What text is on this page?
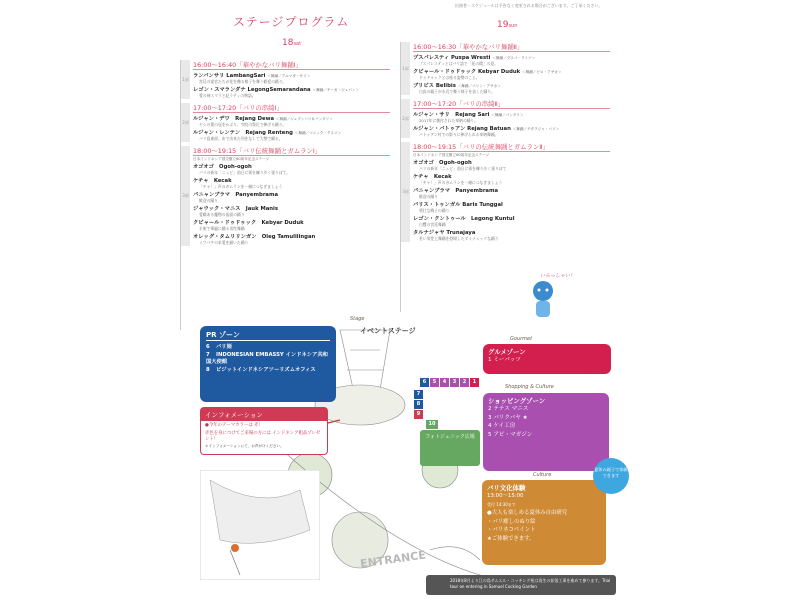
出演者・スケジュールは予告なく変更される場合がございます。ご了承ください。
ステージプログラム
18sat
19sun
1部
16:00～16:40「華やかなバリ舞踊Ⅰ」
ランバンサリ LambangSari ＜舞踊／アルマタ・サリ＞
宮廷の宴官たちが花を撒る様子を舞う歓迎の踊り。
レゴン・スマランダナ LegongSemarandana ＜舞踊／チーガ・ジュパン＞
愛の神スマラと妃ラティの物語。
2部
17:00～17:20「バリの串綺Ⅰ」
ルジャン・デワ　Rejang Dewa ＜舞踊／ジュプンバリ＆バンダリ＞
ヤシの葉の冠をかぶり、寺院の祭礼で捧げる踊り。
ルジャン・レンテン　Rejang Renteng ＜舞踊／マニック・クスマ＞
バリ島東部、布で出来た列をなして大勢で踊る。
3部
18:00～19:15「バリ伝統舞踊とガムランⅠ」
日本インドネシア国交樹立60周年記念ステージ
オゴオゴ　Ogoh-ogoh
バリの新年「ニュピ」前日に街を練り歩く張りぼて。
ケチャ　Kecak
「チャ！」声のガムランを一緒につなぎましょう
パニャンブラマ　Panyembrama
歓迎の踊り
ジャウック・マニス　Jauk Manis
愛嬌ある魔物の仮面の踊り
クビャール・ドゥドゥック　Kebyar Duduk
半座で華麗に踊る男性舞踊
オレッグ・タムリリンガン　Oleg Tamulilingan
ミツバチの求愛を描いた踊り
1部
16:00～16:30「華やかなバリ舞踊Ⅱ」
プスパレスティ Puspa Wresti ＜舞踊／プスパ・ラトナ＞
プスパレスティとはバリ語で「花の精」の意。
クビャール・ドゥドゥック Kebyar Duduk ＜舞踊／ビロ・アサカ＞
ドゥドゥックとは座る姿勢のこと。
ブリビス Belibis ＜舞踊／パリン・アサカ＞
白鳥の親子が水辺で舞う様子を表した踊り。
2部
17:00～17:20「バリの串綺Ⅱ」
ルジャン・サリ　Rejang Sari ＜舞踊／バンダリ＞
2017年に創作された奉納の踊り。
ルジャン・バトゥアン Rejang Batuan ＜舞踊／チタラジャ・バリ＞
バトゥアン村での祭りに捧げられる奉納舞踊。
3部
18:00～19:15「バリの伝統舞踊とガムランⅡ」
日本インドネシア国交樹立60周年記念ステージ
オゴオゴ　Ogoh-ogoh
バリの新年「ニュピ」前日に街を練り歩く張りぼて
ケチャ　Kecak
「チャ！」声のガムランを一緒につなぎましょう
パニャンブラマ　Panyembrama
歓迎の踊り
バリス・トゥンガル Baris Tunggal
勇壮な戦士の踊り
レゴン・クントゥール　Legong Kuntul
白鷺の宮廷舞踊
タルナジャヤ Trunajaya
若い男性上舞踊を登場したダイナミックな踊り
イベントステージ
Stage
6	5	4	3	2	1
7
8
9
10
PR ゾーン
6 バリ姫
7 INDONESIAN EMBASSY インドネシア共和国大使館
8 ビジットインドネシアツーリズムオフィス
インフォメーション
●今年のテーマカラーは 赤！
赤色を身につけてご来場の方には インドネシア粗品プレゼント！
＊インフォメーションにて、お声がけください。
Gourmet
グルメゾーン
1 ミーバッツ
Shopping & Culture
ショッピングゾーン
2 テテス マニス
3 バリクバヤ ★
4 ケイ工房
5 アピ・マガジン
Culture
バリ文化体験
13:00～15:00
受付 14:30まで
●大人も楽しめる夏休み自由研究
・バリ癒しのぬり絵
・バリネコペイント
★ご体験できます。
夏休み親子で体験できます
フォトジェニック広場
ENTRANCE
いらっしゃい！
2018年8月より江の島サムエル・コッキング苑は再生の拡張工事を進めて参ります。Trial tour on entering in Samuel Cocking Garden
